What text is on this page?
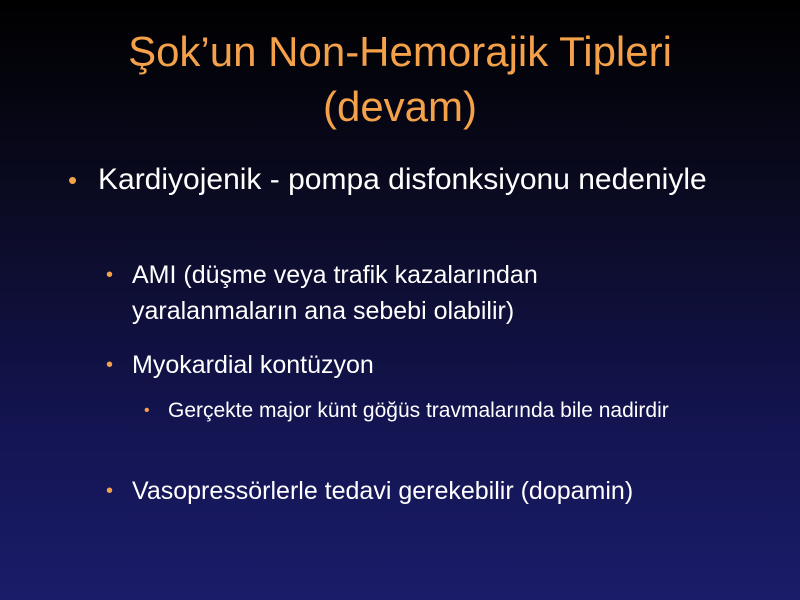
Şok’un Non-Hemorajik Tipleri
(devam)
• Kardiyojenik - pompa disfonksiyonu nedeniyle
• AMI (düşme veya trafik kazalarından yaralanmaların ana sebebi olabilir)
• Myokardial kontüzyon
• Gerçekte major künt göğüs travmalarında bile nadirdir
• Vasopressörlerle tedavi gerekebilir (dopamin)
